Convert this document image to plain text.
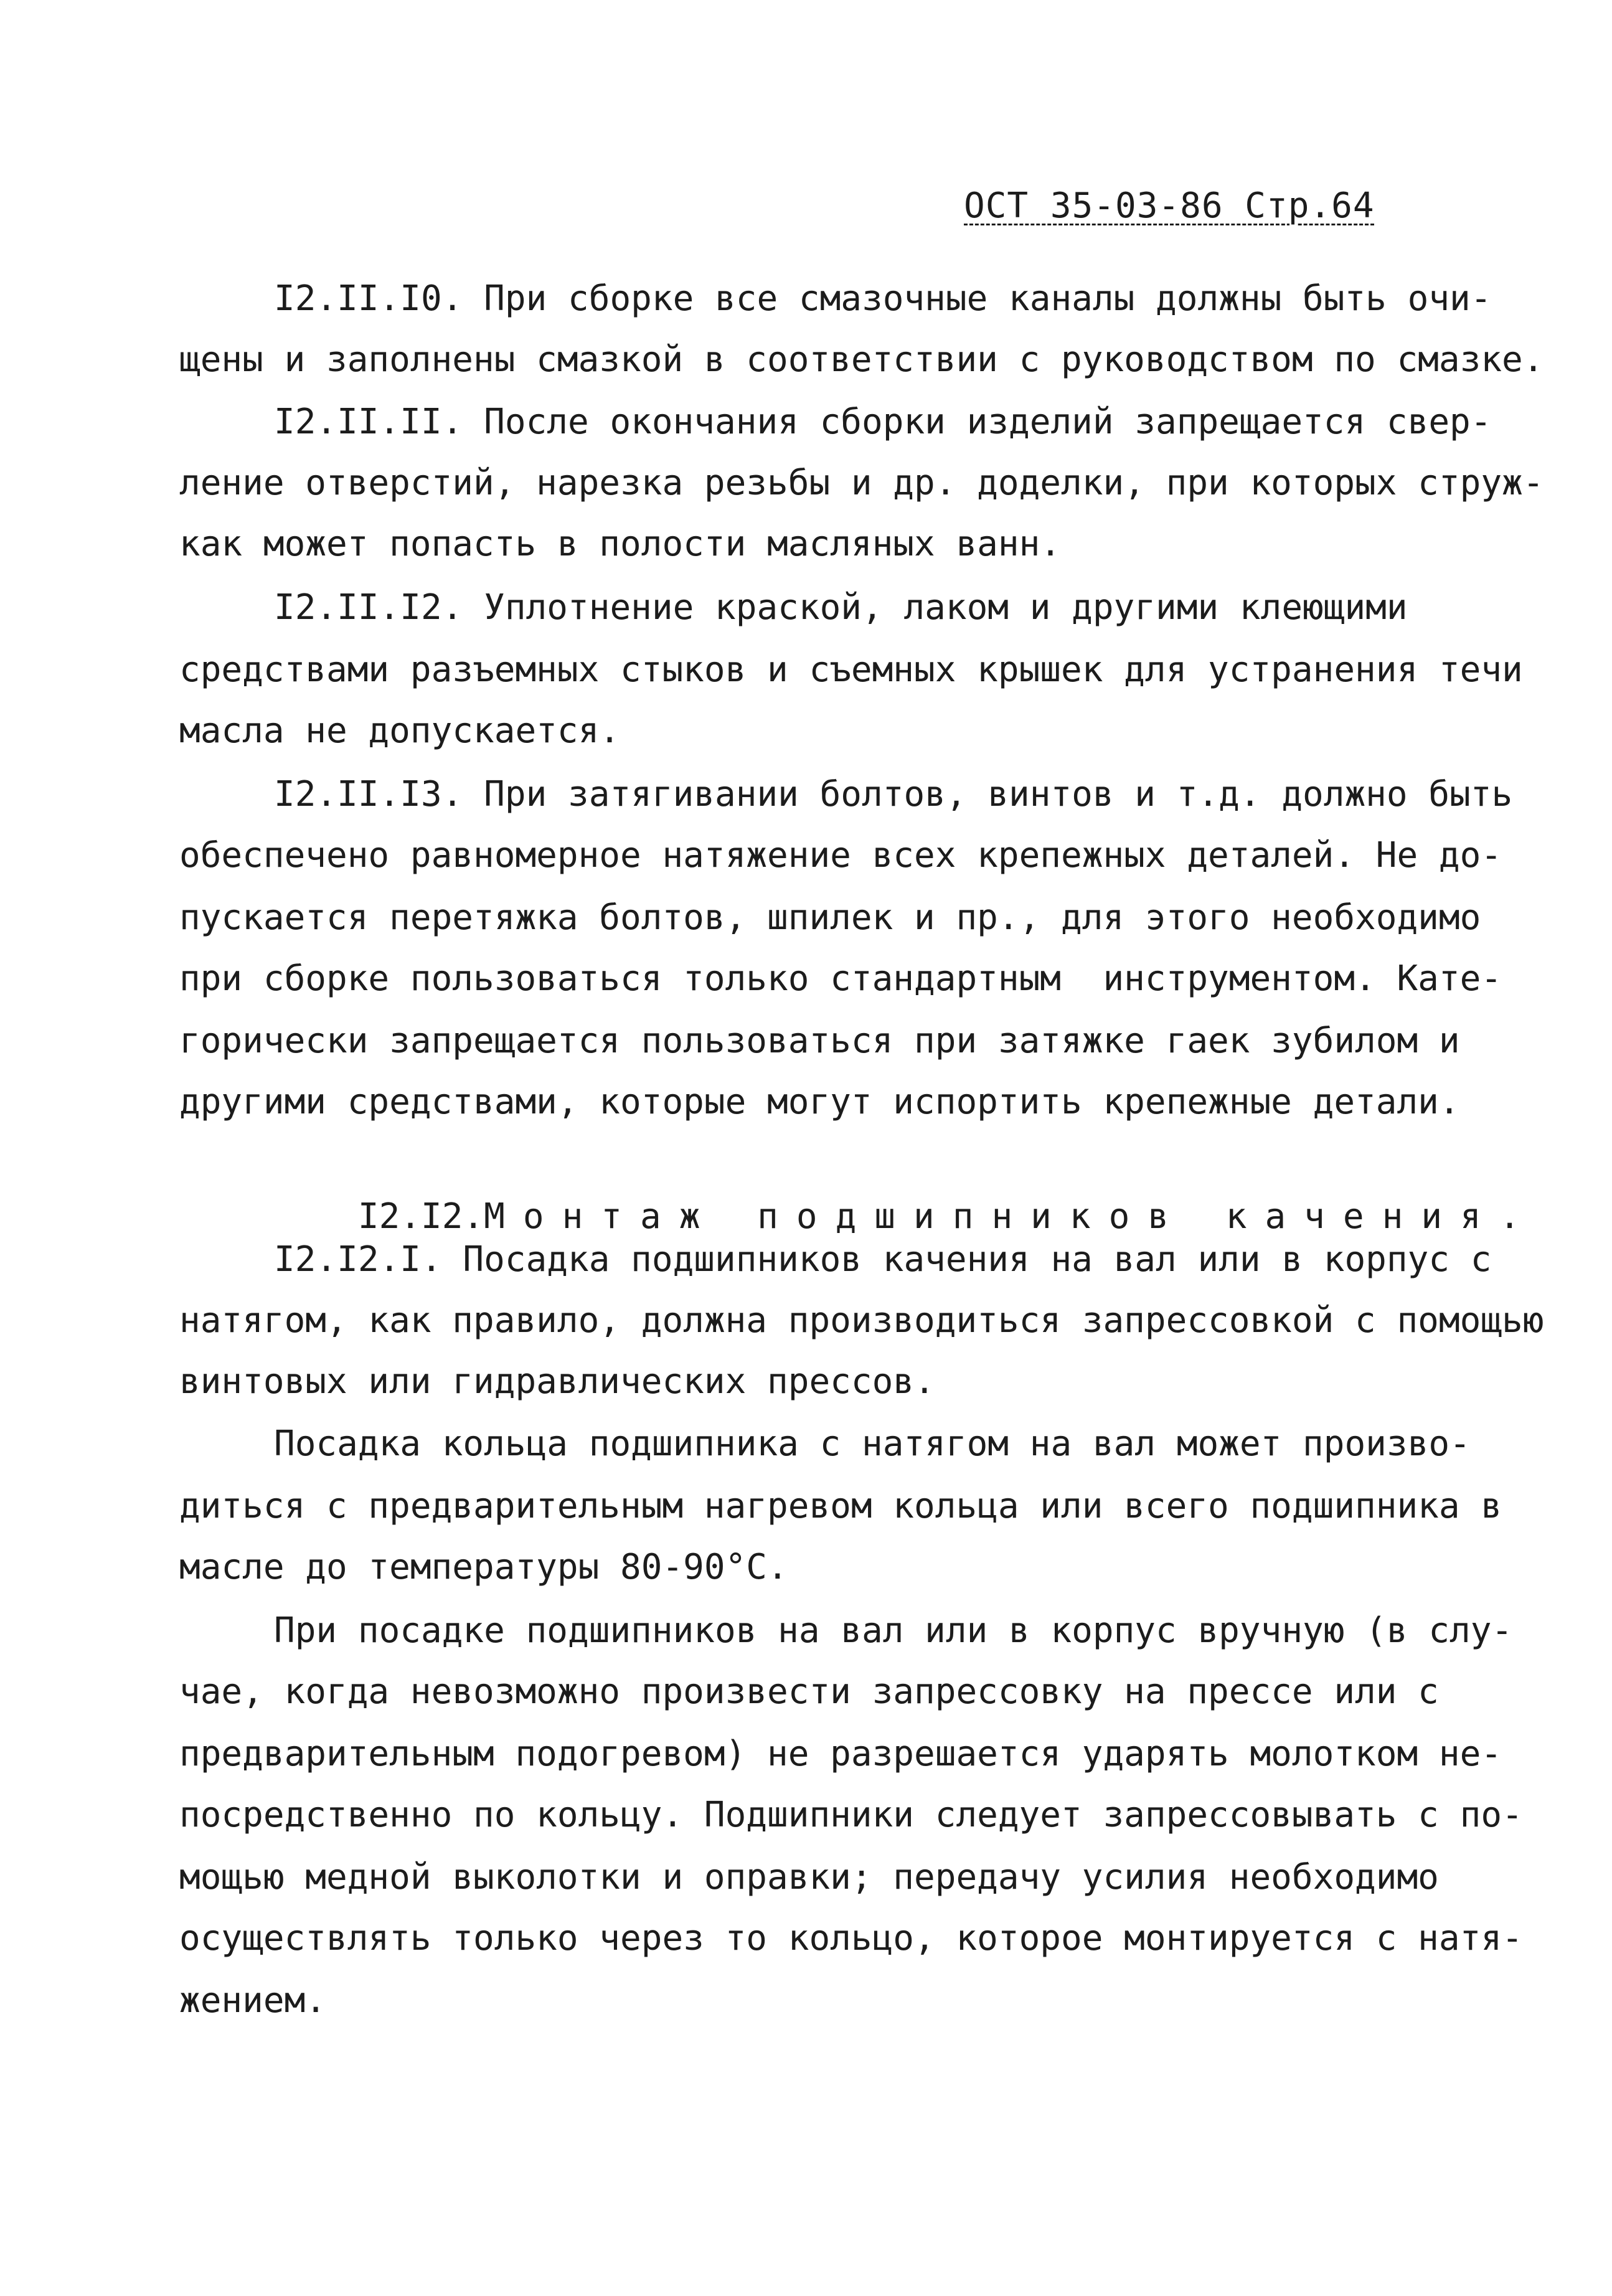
ОСТ 35-03-86 Стр.64
I2.II.I0. При сборке все смазочные каналы должны быть очи-
щены и заполнены смазкой в соответствии с руководством по смазке.
I2.II.II. После окончания сборки изделий запрещается свер-
ление отверстий, нарезка резьбы и др. доделки, при которых струж-
как может попасть в полости масляных ванн.
I2.II.I2. Уплотнение краской, лаком и другими клеющими
средствами разъемных стыков и съемных крышек для устранения течи
масла не допускается.
I2.II.I3. При затягивании болтов, винтов и т.д. должно быть
обеспечено равномерное натяжение всех крепежных деталей. Не до-
пускается перетяжка болтов, шпилек и пр., для этого необходимо
при сборке пользоваться только стандартным  инструментом. Кате-
горически запрещается пользоваться при затяжке гаек зубилом и
другими средствами, которые могут испортить крепежные детали.

I2.I2.Монтаж подшипников качения.

I2.I2.I. Посадка подшипников качения на вал или в корпус с
натягом, как правило, должна производиться запрессовкой с помощью
винтовых или гидравлических прессов.
Посадка кольца подшипника с натягом на вал может произво-
диться с предварительным нагревом кольца или всего подшипника в
масле до температуры 80-90°С.
При посадке подшипников на вал или в корпус вручную (в слу-
чае, когда невозможно произвести запрессовку на прессе или с
предварительным подогревом) не разрешается ударять молотком не-
посредственно по кольцу. Подшипники следует запрессовывать с по-
мощью медной выколотки и оправки; передачу усилия необходимо
осуществлять только через то кольцо, которое монтируется с натя-
жением.
